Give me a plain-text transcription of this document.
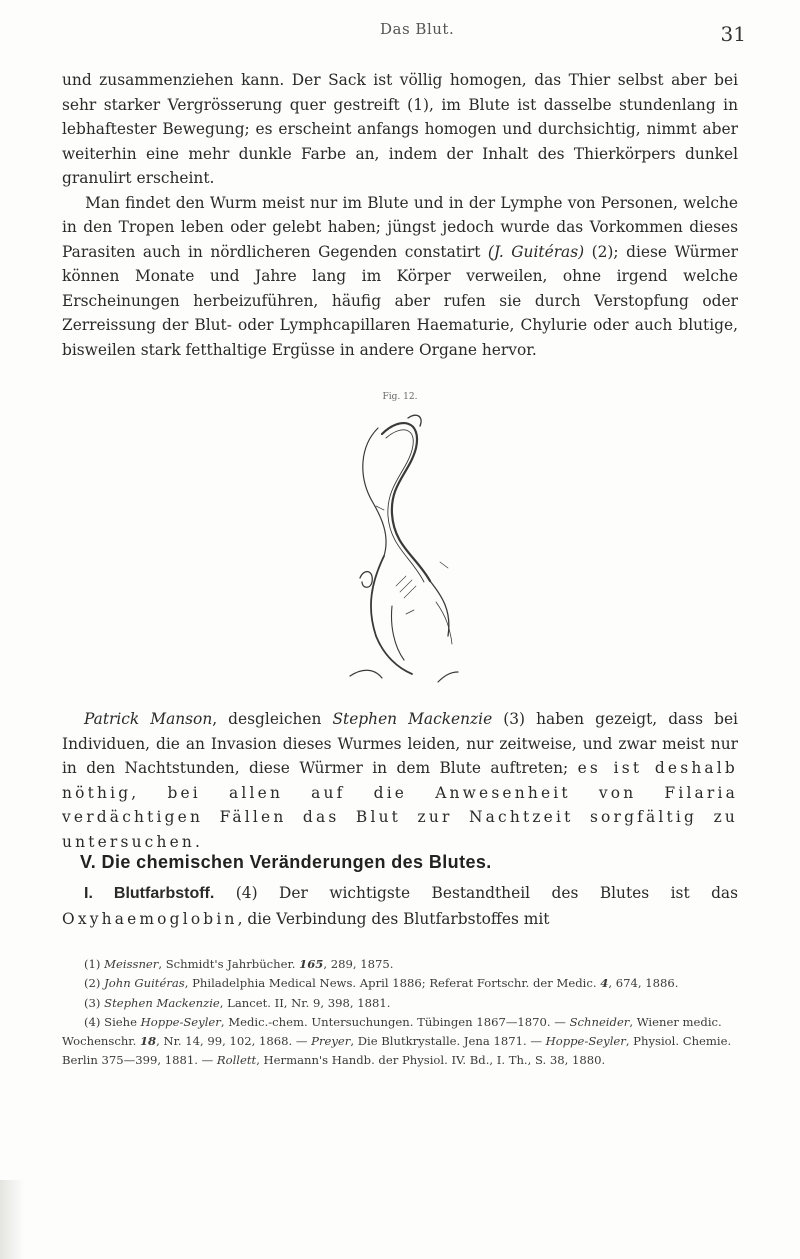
Das Blut.	31

und zusammenziehen kann. Der Sack ist völlig homogen, das Thier selbst aber bei sehr starker Vergrösserung quer gestreift (1), im Blute ist dasselbe stundenlang in lebhaftester Bewegung; es erscheint anfangs homogen und durchsichtig, nimmt aber weiterhin eine mehr dunkle Farbe an, indem der Inhalt des Thierkörpers dunkel granulirt erscheint.
  Man findet den Wurm meist nur im Blute und in der Lymphe von Personen, welche in den Tropen leben oder gelebt haben; jüngst jedoch wurde das Vorkommen dieses Parasiten auch in nördlicheren Gegenden constatirt (J. Guitéras) (2); diese Würmer können Monate und Jahre lang im Körper verweilen, ohne irgend welche Erscheinungen herbeizuführen, häufig aber rufen sie durch Verstopfung oder Zerreissung der Blut- oder Lymphcapillaren Haematurie, Chylurie oder auch blutige, bisweilen stark fetthaltige Ergüsse in andere Organe hervor.

Fig. 12.

Patrick Manson, desgleichen Stephen Mackenzie (3) haben gezeigt, dass bei Individuen, die an Invasion dieses Wurmes leiden, nur zeitweise, und zwar meist nur in den Nachtstunden, diese Würmer in dem Blute auftreten; es ist deshalb nöthig, bei allen auf die Anwesenheit von Filaria verdächtigen Fällen das Blut zur Nachtzeit sorgfältig zu untersuchen.

V. Die chemischen Veränderungen des Blutes.

I. Blutfarbstoff. (4) Der wichtigste Bestandtheil des Blutes ist das Oxyhaemoglobin, die Verbindung des Blutfarbstoffes mit

(1) Meissner, Schmidt's Jahrbücher. 165, 289, 1875.
(2) John Guitéras, Philadelphia Medical News. April 1886; Referat Fortschr. der Medic. 4, 674, 1886.
(3) Stephen Mackenzie, Lancet. II, Nr. 9, 398, 1881.
(4) Siehe Hoppe-Seyler, Medic.-chem. Untersuchungen. Tübingen 1867—1870. — Schneider, Wiener medic. Wochenschr. 18, Nr. 14, 99, 102, 1868. — Preyer, Die Blutkrystalle. Jena 1871. — Hoppe-Seyler, Physiol. Chemie. Berlin 375—399, 1881. — Rollett, Hermann's Handb. der Physiol. IV. Bd., I. Th., S. 38, 1880.
